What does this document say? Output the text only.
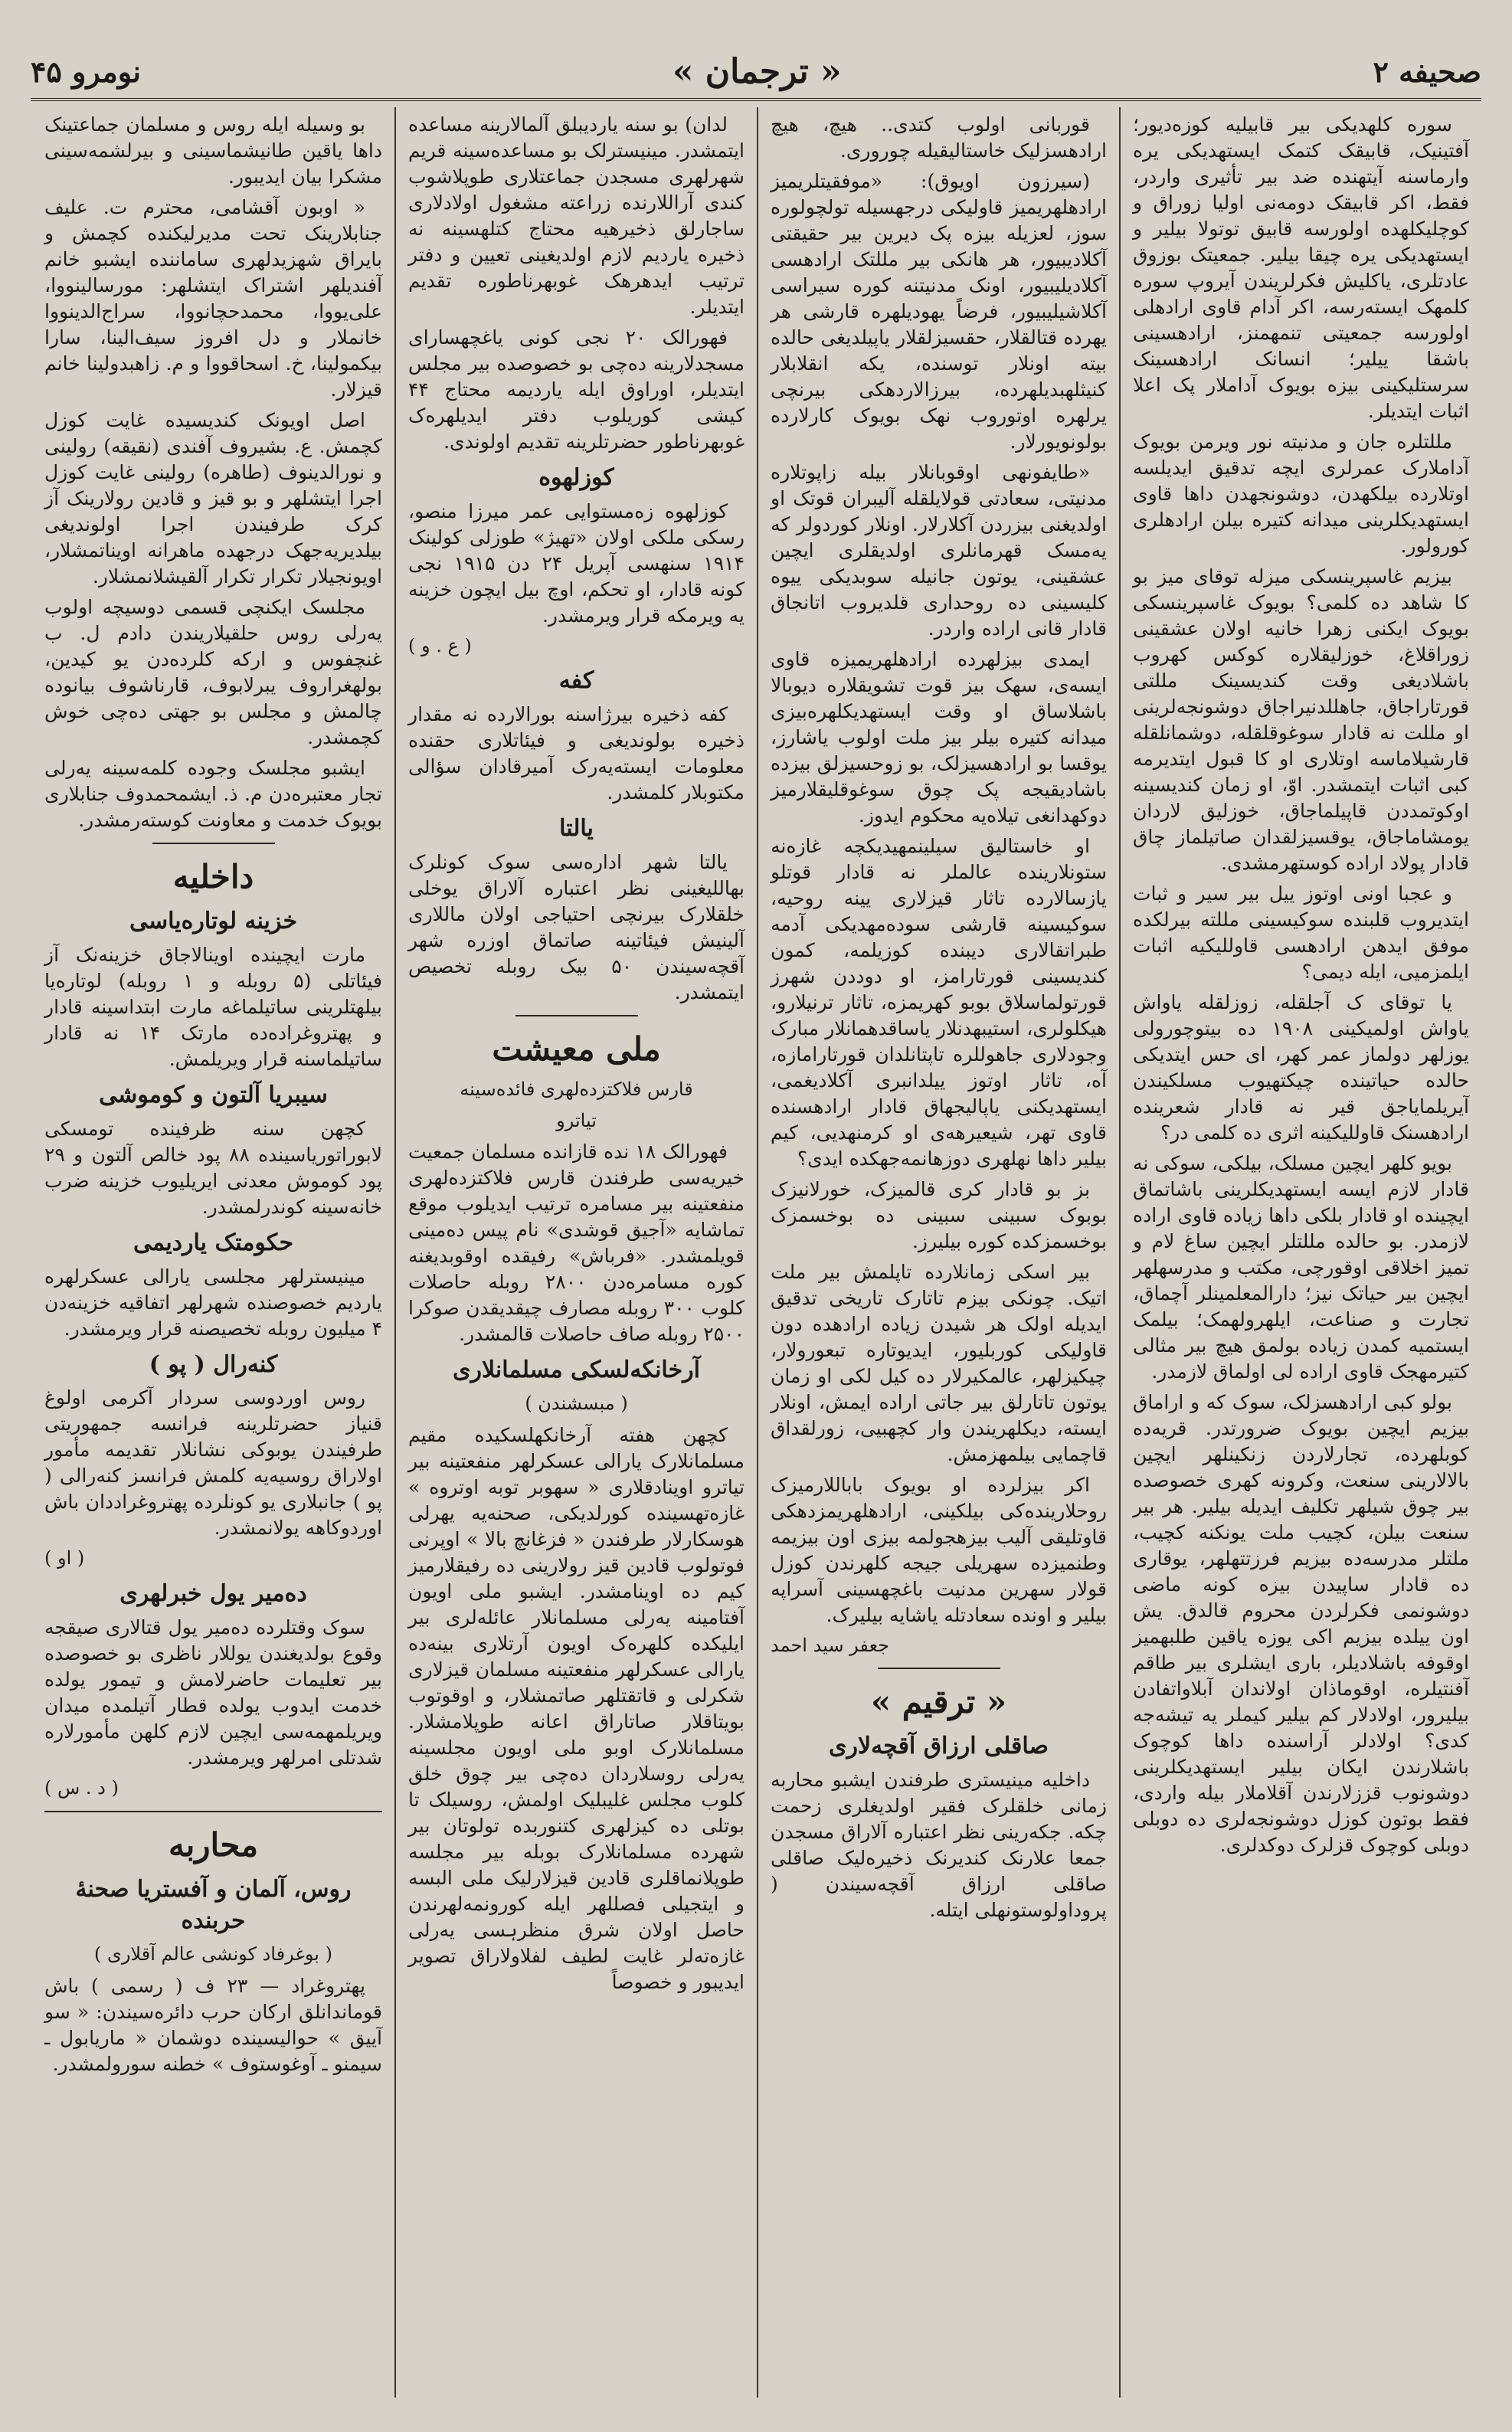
صحیفه ۲
« ترجمان »
نومرو ۴۵

سوره کلهدیکی بیر قابیلیه کوزه‌دیور؛ آفتینیک، قابیقک کتمک ایستهدیکی یره وارماسنه آیتهنده ضد بیر تأثیری واردر، فقط، اکر قابیقک دومه‌نی اولیا زوراق و کوچلیکلهده اولورسه قابیق توتولا بیلیر و ایستهدیکی یره چیقا بیلیر. جمعیتک بوزوق عادتلری، یاکلیش فکرلریندن آیروپ سوره کلمهک ایسته‌رسه، اکر آدام قاوی ارادهلی اولورسه جمعیتی تنمهمنز، ارادهسینی باشقا ییلیر؛ انسانک ارادهسینک سرستلیکینی بیزه بویوک آداملار پک اعلا اثبات ایتدیلر.

مللتلره جان و مدنیته نور ویرمن بویوک آداملارک عمرلری ایچه تدقیق ایدیلسه اوتلارده بیلکهدن، دوشونجهدن داها قاوی ایستهدیکلرینی میدانه کتیره بیلن ارادهلری کورولور.

بیزیم غاسپرینسکی میزله توقای میز بو کا شاهد ده کلمی؟ بویوک غاسپرینسکی بویوک ایکنی زهرا خانیه اولان عشقینی زوراقلاغ، خوزلیقلاره کوکس کهروب باشلادیغی وقت کندیسینک مللتی قورتاراجاق، جاهللدنیراجاق دوشونجه‌لرینی او مللت نه قادار سوغوقلقله، دوشمانلقله قارشیلاماسه اوتلاری او کا قبول ایتدیرمه کبی اثبات ایتمشدر. اوّ، او زمان کندیسینه اوکوتمددن قاپیلماجاق، خوزلیق لاردان یومشاماجاق، یوقسیزلقدان صاتیلماز چاق قادار پولاد اراده کوستهرمشدی.

و عجبا اونی اوتوز ییل بیر سیر و ثبات ایتدیروب قلبنده سوکیسینی مللته بیرلکده موفق ایدهن ارادهسی قاوللیکیه اثبات ایلمزمیی، ایله دیمی؟

یا توقای ک آجلقله، زوزلقله یاواش یاواش اولمیکینی ۱۹۰۸ ده بیتوچورولی یوزلهر دولماز عمر کهر، ای حس ایتدیکی حالده حیاتینده چیکتهیوب مسلکیندن آیریلمایاجق قیر نه قادار شعرینده ارادهسنک قاوللیکینه اثری ده کلمی در؟

بویو کلهر ایچین مسلک، بیلکی، سوکی نه قادار لازم ایسه ایستهدیکلرینی باشاتماق ایچینده او قادار بلکی داها زیاده قاوی اراده لازمدر. بو حالده مللتلر ایچین ساغ لام و تمیز اخلاقی اوقورچی، مکتب و مدرسهلهر ایچین بیر حیاتک نیز؛ دارالمعلمینلر آچماق، تجارت و صناعت، ایلهرولهمک؛ بیلمک ایستمیه کمدن زیاده بولمق هیچ بیر مثالی کتیرمهجک قاوی اراده لی اولماق لازمدر.

بولو کبی ارادهسزلک، سوک که و اراماق بیزیم ایچین بویوک ضرورتدر. قریه‌ده کوبلهرده، تجارلاردن زنکینلهر ایچین بالالارینی سنعت، وکرونه‌ کهری خصوصده بیر چوق شیلهر تکلیف ایدیله بیلیر. هر بیر سنعت بیلن، کچیب ملت یونکنه کچیب، ملتلر مدرسه‌ده بیزیم فرزتتهلهر، یوقاری ده قادار ساپیدن بیزه کونه ماضی دوشونمی فکرلردن محروم قالدق. یش اون ییلده بیزیم اکی یوزه یاقین طلبهمیز اوقوفه باشلادیلر، باری ایشلری بیر طاقم آفنتیلره‌، اوقوماذان اولاندان آبلاواتفادن بیلیرور، اولادلار کم بیلیر کیملر یه تیشه‌جه کدی؟ اولادلر آراسنده داها کوچوک باشلارندن ایکان بیلیر ایستهدیکلرینی دوشونوب قززلارندن آقلاملار بیله واردی، فقط بوتون کوزل دوشونجه‌لری ده دوبلی دوبلی کوچوک قزلرک دوکدلری.

قوربانی اولوب کتدی.. هیچ، هیچ ارادهسزلیک خاستالیقیله چوروری.

(سیرزون اویوق): «موفقیتلریمیز ارادهلهریمیز قاولیکی درجهسیله تولچولوره سوز، لعزیله بیزه پک دیرین بیر حقیقتی آکلادیبیور، هر هانکی بیر مللتک ارادهسی آکلادیلیبیور، اونک مدنیتنه کوره سیراسی آکلاشیلیبیور، فرضاً یهودیلهره قارشی هر یهرده قتالقلار، حقسیزلقلار یاپیلدیغی حالده بیته اونلار توسنده، یکه انقلابلار کنیثلهبدیلهرده، بیرزالاردهکی بیرنچی یرلهره اوتوروب نهک بویوک کارلارده بولونویورلار.

«طایفونهی اوقوبانلار بیله زاپوتلاره مدنیتی، سعادتی قولایلقله آلیبران قوتک او اولدیغنی بیزردن آکلارلار. اونلار کوردولر که یه‌مسک قهرمانلری اولدیقلری ایچین عشقینی، یوتون جانیله سوبدیکی ییوه کلیسینی ده روحداری قلدیروب اتانجاق قادار قانی اراده واردر.

ایمدی بیزلهرده ارادهلهریمیزه قاوی ایسه‌ی، سهک بیز قوت تشویقلاره دیوبالا باشلاساق او وقت ایستهدیکلهره‌بیزی میدانه کتیره بیلر بیز ملت اولوب یاشارز، یوقسا بو ارادهسیزلک، بو زوحسیزلق بیزده باشادیقیجه پک چوق سوغوقلیقلارمیز دوکهدانغی تیلاه‌یه محکوم ایدوز.

او خاستالیق سیلینمهیدیکچه غازه‌نه ستونلارینده عالملر نه قادار قوتلو یازسالارده تاثار قیزلاری یینه روحیه، سوکیسینه قارشی سوده‌مهدیکی آدمه طبراتقالاری دیبنده کوزیلمه، کمون کندیسینی قورتارامز، او دوددن شهرز قورتولماسلاق بوبو کهریمزه، تاثار ترنیلارو، هیکلولری، استیبهدنلار یاساقدهمانلار مبارک وجودلاری جاهوللره تاپتانلدان قورتارامازه، آه، تاثار اوتوز ییلدانبری آکلادیغمی، ایستهدیکنی یاپالیجهاق قادار ارادهسنده قاوی تهر، شیعیرهه‌ی او کرمنهدیی، کیم بیلیر داها نهلهری دوزهانمه‌جهکده ایدی؟

بز بو قادار کری قالمیزک، خورلانیزک بوبوک سبینی سبینی ده بوخسمزک بوخسمزکده کوره بیلیرز.

بیر اسکی زمانلارده تاپلمش بیر ملت اتیک. چونکی بیزم تاتارک تاریخی تدقیق ایدیله اولک هر شیدن زیاده ارادهده دون قاولیکی کوربلیور، ایدیوتاره تبعورولار، چیکیزلهر، عالمکیرلار ده کیل لکی او زمان یوتون تاتارلق بیر جاتی اراده ایمش، اونلار ایسته، دیکلهریندن وار کچهبیی، زورلقداق قاچمایی بیلمهزمش.

اکر بیزلرده او بویوک باباللارمیزک روحلارینده‌کی بیلکینی، ارادهلهریمزدهکی قاوتلیقی آلیب بیزهجولمه بیزی اون بیزیمه وطنمیزده سهریلی جیجه کلهرندن کوزل قولار سهرین مدنیت باغچهسینی آسراپه بیلیر و اونده سعادتله یاشایه بیلیرک.

جعفر سید احمد
« ترقیم »
صاقلی ارزاق آقچه‌لاری

داخلیه مینیستری طرفندن ایشبو محاربه زمانی خلقلرک فقیر اولدیغلری زحمت چکه. جکه‌رینی نظر اعتباره آلاراق مسجدن جمعا علارنک کندیرنک ذخیره‌لیک صاقلی صاقلی ارزاق آقچه‌سیندن ( پروداولوستونهلی ایتله.

لدان) بو سنه یاردیبلق آلمالارینه مساعده ایتمشدر. مینیسترلک بو مساعده‌سینه قریم شهرلهری مسجدن جماعتلاری طوپلاشوب کندی آراللارنده زراعته مشغول اولادلاری ساجارلق ذخیرهیه محتاج کتلهسینه نه ذخیره یاردیم لازم اولدیغینی تعیین و دفتر ترتیب ایدهرهک غوبهرناطوره تقدیم ایتدیلر.

فهورالک ۲۰ نجی کونی یاغچهسارای مسجدلارینه ده‌چی بو خصوصده بیر مجلس ایتدیلر، اوراوق ایله یاردیمه محتاج ۴۴ کیشی کوریلوب دفتر ایدیلهره‌ک غوبهرناطور حضرتلرینه تقدیم اولوندی.

کوزلهوه

کوزلهوه زه‌مستوایی عمر میرزا منصو، رسکی ملکی اولان «تهیژ» طوزلی کولینک ۱۹۱۴ سنهسی آپریل ۲۴ دن ۱۹۱۵ نجی کونه قادار، او تحکم، اوچ بیل ایچون خزینه یه ویرمکه قرار ویرمشدر.

( ع . و )
کفه

کفه ذخیره بیرژاسنه بورالارده نه مقدار ذخیره بولوندیغی و فیئاتلاری حقنده معلومات ایسته‌یه‌رک آمیرقادان سؤالی مکتوبلار کلمشدر.

یالتا

یالتا شهر اداره‌سی سوک کونلرک بهاللیغینی نظر اعتباره آلاراق یوخلی خلقلارک بیرنچی احتیاجی اولان ماللاری آلینیش فیئاتینه صاتماق اوزره شهر آقچه‌سیندن ۵۰ بیک روبله تخصیص ایتمشدر.

ملی معیشت
قارس فلاکتزده‌لهری فائده‌سینه
تیاترو

فهورالک ۱۸ نده قازانده مسلمان جمعیت خیریه‌سی طرفندن قارس فلاکتزده‌لهری منفعتینه بیر مسامره ترتیب ایدیلوب موقع تماشایه «آجیق قوشدی» نام پیس ده‌مینی قویلمشدر. «فرباش» رفیقده اوقوبدیغنه کوره مسامره‌دن ۲۸۰۰ روبله حاصلات کلوب ۳۰۰ روبله مصارف چیقدیقدن صوکرا ۲۵۰۰ روبله صاف حاصلات قالمشدر.

آرخانکه‌لسکی مسلمانلاری
( مبسشندن )

کچهن هفته آرخانکهلسکیده مقیم مسلمانلارک یارالی عسکرلهر منفعتینه بیر تیاترو اوینادقلاری « سهوبر توبه اوتروه » غازه‌تهسینده کورلدیکی، صحنه‌یه یهرلی هوسکارلار طرفندن « فزغانچ بالا » اوپرنی فوتولوب قادین قیز رولارینی ده رفیقلارمیز کیم ده اوینامشدر. ایشبو ملی اویون آفتامینه یه‌رلی مسلمانلار عائله‌لری بیر ایلیکده کلهره‌ک اویون آرتلاری بینه‌ده یارالی عسکرلهر منفعتینه مسلمان قیزلاری شکرلی و قاتقتلهر صاتمشلار، و اوقوتوب بویتاقلار صاتاراق اعانه طوپلامشلار. مسلمانلارک اوبو ملی اویون مجلسینه یه‌رلی روسلاردان ده‌چی بیر چوق خلق کلوب مجلس غلیبلیک اولمش، روسیلک تا بوتلی ده کیزلهری کتنوربده تولوتان بیر شهرده مسلمانلارک بوبله بیر مجلسه طوپلانماقلری قادین قیزلارلیک ملی البسه و ایتجیلی فصللهر ایله کورونمه‌لهرندن حاصل اولان شرق منظرہسی یه‌رلی غازه‌ته‌لر غایت لطیف لفلاولاراق تصویر ایدیبور و خصوصاً

بو وسیله ایله روس و مسلمان جماعتینک داها یاقین طانیشماسینی و بیرلشمه‌سینی مشکرا بیان ایدیبور.

« اوبون آقشامی، محترم ت. علیف جنابلارینک تحت مدیرلیکنده کچمش و بایراق شهزیدلهری ساماننده ایشبو خانم آفندیلهر اشتراک ایتشلهر: مورسالینووا، علی‌یووا، محمدحچانووا، سراج‌الدینووا خانملار و دل افروز سیف‌الینا، سارا بیکمولینا، خ. اسحاقووا و م. زاهبدولینا خانم قیزلار.

اصل اویونک کندیسیده غایت کوزل کچمش. ع. بشیروف آفندی (نقیقه) رولینی و نورالدینوف (طاهره) رولینی غایت کوزل اجرا ایتشلهر و بو قیز و قادین رولارینک آز کرک طرفیندن اجرا اولوندیغی بیلدیریه‌جهک درجهده ماهرانه اویناتمشلار، اویونجیلار تکرار تکرار آلقیشلانمشلار.

مجلسک ایکنچی قسمی دوسیچه اولوب یه‌رلی روس حلقیلاریندن دادم ل. ب غنچفوس و ارکه کلرده‌دن یو کیدین، بولهغراروف یبرلابوف، قارناشوف بیانوده چالمش و مجلس بو جهتی ده‌چی خوش کچمشدر.

ایشبو مجلسک وجوده کلمه‌سینه یه‌رلی تجار معتبره‌دن م. ذ. ایشمحمدوف جنابلاری بویوک خدمت و معاونت کوسته‌رمشدر.

داخلیه
خزینه لوتاره‌یاسی

مارت ایچینده اوینالاجاق خزینه‌نک آز فیئاتلی (۵ روبله و ۱ روبله) لوتاره‌یا بیلهتلرینی ساتیلماغه مارت ابتداسینه قادار و پهتروغراده‌ده مارتک ۱۴ نه قادار ساتیلماسنه قرار ویریلمش.

سیبریا آلتون و کوموشی

کچهن سنه ظرفینده تومسکی لابوراتوریاسینده ۸۸ پود خالص آلتون و ۲۹ پود کوموش معدنی ایریلیوب خزینه ضرب خانه‌سینه کوندرلمشدر.

حکومتک یاردیمی

مینیسترلهر مجلسی یارالی عسکرلهره یاردیم خصوصنده شهرلهر اتفاقیه خزینه‌دن ۴ میلیون روبله تخصیصنه قرار ویرمشدر.

کنه‌رال ( پو )

روس اوردوسی سردار آکرمی اولوغ قنیاز حضرتلرینه فرانسه جمهوریتی طرفیندن یوبوکی نشانلار تقدیمه مأمور اولاراق روسیه‌یه کلمش فرانسز کنه‌رالی ( پو ) جانبلاری یو کونلرده پهتروغراددان باش اوردوکاهه یولانمشدر.

( او )
ده‌میر یول خبرلهری

سوک وقتلرده ده‌میر یول قتالاری صیقجه وقوع بولدیغندن یوللار ناظری بو خصوصده بیر تعلیمات حاضرلامش و تیمور یولده خدمت ایدوب یولده قطار آتیلمده میدان ویریلمهمه‌سی ایچین لازم کلهن مأمورلاره شدتلی امرلهر ویرمشدر.

( د . س )
محاربه
روس، آلمان و آفستریا صحنهٔ حربنده
( بوغرفاد کونشی عالم آقلاری )

پهتروغراد — ۲۳ ف ( رسمی ) باش قوماندانلق ارکان حرب دائره‌سیندن: « سو آییق » حوالیسینده دوشمان « ماریابول ـ سیمنو ـ آوغوستوف » خطنه سورولمشدر.
